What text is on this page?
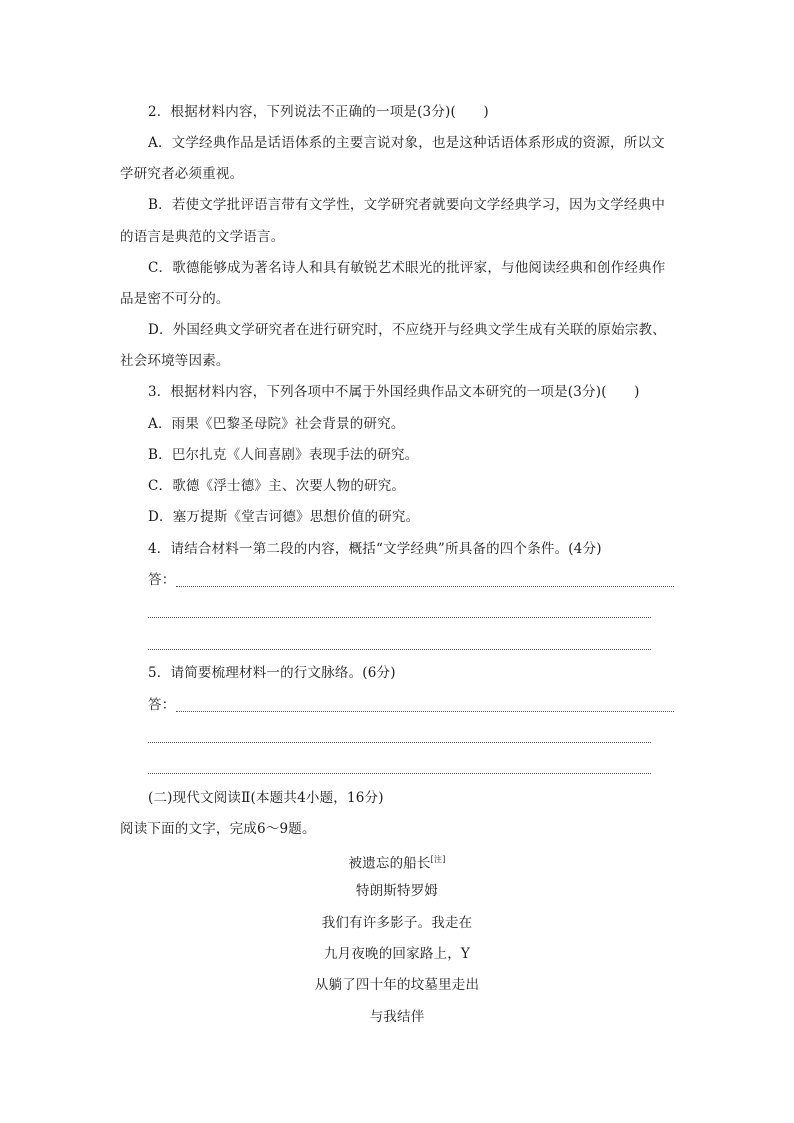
2．根据材料内容，下列说法不正确的一项是(3分)(　　)
A．文学经典作品是话语体系的主要言说对象，也是这种话语体系形成的资源，所以文
学研究者必须重视。
B．若使文学批评语言带有文学性，文学研究者就要向文学经典学习，因为文学经典中
的语言是典范的文学语言。
C．歌德能够成为著名诗人和具有敏锐艺术眼光的批评家，与他阅读经典和创作经典作
品是密不可分的。
D．外国经典文学研究者在进行研究时，不应绕开与经典文学生成有关联的原始宗教、
社会环境等因素。
3．根据材料内容，下列各项中不属于外国经典作品文本研究的一项是(3分)(　　)
A．雨果《巴黎圣母院》社会背景的研究。
B．巴尔扎克《人间喜剧》表现手法的研究。
C．歌德《浮士德》主、次要人物的研究。
D．塞万提斯《堂吉诃德》思想价值的研究。
4．请结合材料一第二段的内容，概括“文学经典”所具备的四个条件。(4分)
答：
5．请简要梳理材料一的行文脉络。(6分)
答：
(二)现代文阅读Ⅱ(本题共4小题，16分)
阅读下面的文字，完成6～9题。
被遗忘的船长[注]
特朗斯特罗姆
我们有许多影子。我走在
九月夜晚的回家路上，Y
从躺了四十年的坟墓里走出
与我结伴
